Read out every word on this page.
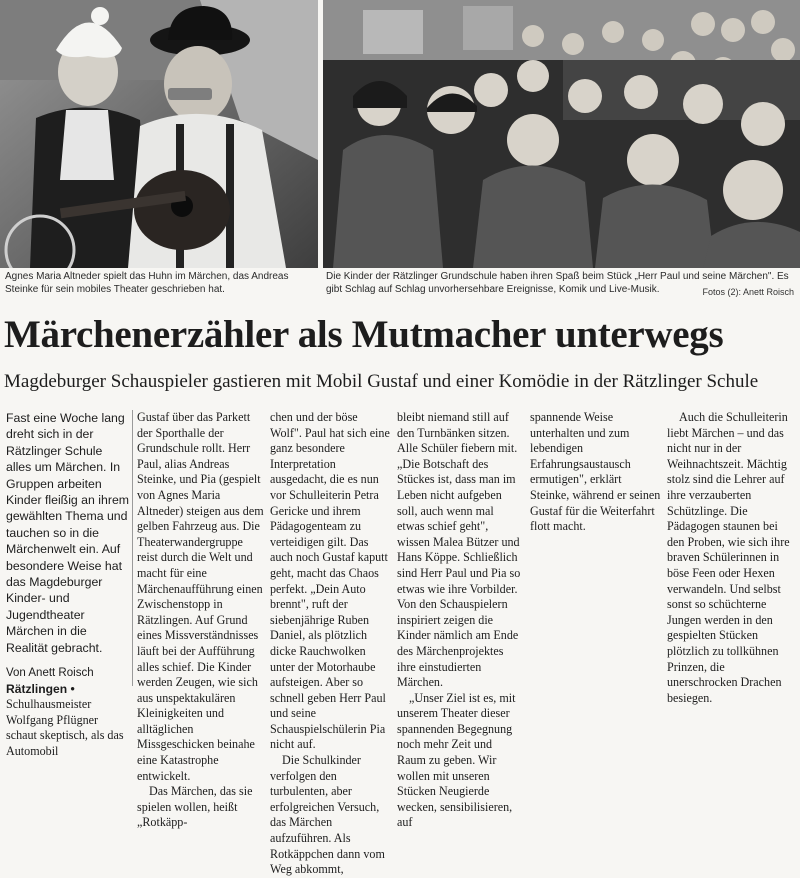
Agnes Maria Altneder spielt das Huhn im Märchen, das Andreas Steinke für sein mobiles Theater geschrieben hat.
Die Kinder der Rätzlinger Grundschule haben ihren Spaß beim Stück „Herr Paul und seine Märchen". Es gibt Schlag auf Schlag unvorhersehbare Ereignisse, Komik und Live-Musik.	Fotos (2): Anett Roisch
Märchenerzähler als Mutmacher unterwegs
Magdeburger Schauspieler gastieren mit Mobil Gustaf und einer Komödie in der Rätzlinger Schule

Fast eine Woche lang dreht sich in der Rätzlinger Schule alles um Märchen. In Gruppen arbeiten Kinder fleißig an ihrem gewählten Thema und tauchen so in die Märchenwelt ein. Auf besondere Weise hat das Magdeburger Kinder- und Jugendtheater Märchen in die Realität gebracht.

Von Anett Roisch

Rätzlingen • Schulhausmeister Wolfgang Pflügner schaut skeptisch, als das Automobil

Gustaf über das Parkett der Sporthalle der Grundschule rollt. Herr Paul, alias Andreas Steinke, und Pia (gespielt von Agnes Maria Altneder) steigen aus dem gelben Fahrzeug aus. Die Theaterwandergruppe reist durch die Welt und macht für eine Märchenaufführung einen Zwischenstopp in Rätzlingen. Auf Grund eines Missverständnisses läuft bei der Aufführung alles schief. Die Kinder werden Zeugen, wie sich aus unspektakulären Kleinigkeiten und alltäglichen Missgeschicken beinahe eine Katastrophe entwickelt.

Das Märchen, das sie spielen wollen, heißt „Rotkäpp-

chen und der böse Wolf". Paul hat sich eine ganz besondere Interpretation ausgedacht, die es nun vor Schulleiterin Petra Gericke und ihrem Pädagogenteam zu verteidigen gilt. Das auch noch Gustaf kaputt geht, macht das Chaos perfekt. „Dein Auto brennt", ruft der siebenjährige Ruben Daniel, als plötzlich dicke Rauchwolken unter der Motorhaube aufsteigen. Aber so schnell geben Herr Paul und seine Schauspielschülerin Pia nicht auf.

Die Schulkinder verfolgen den turbulenten, aber erfolgreichen Versuch, das Märchen aufzuführen. Als Rotkäppchen dann vom Weg abkommt,

bleibt niemand still auf den Turnbänken sitzen. Alle Schüler fiebern mit. „Die Botschaft des Stückes ist, dass man im Leben nicht aufgeben soll, auch wenn mal etwas schief geht", wissen Malea Bützer und Hans Köppe. Schließlich sind Herr Paul und Pia so etwas wie ihre Vorbilder. Von den Schauspielern inspiriert zeigen die Kinder nämlich am Ende des Märchenprojektes ihre einstudierten Märchen.

„Unser Ziel ist es, mit unserem Theater dieser spannenden Begegnung noch mehr Zeit und Raum zu geben. Wir wollen mit unseren Stücken Neugierde wecken, sensibilisieren, auf

spannende Weise unterhalten und zum lebendigen Erfahrungsaustausch ermutigen", erklärt Steinke, während er seinen Gustaf für die Weiterfahrt flott macht.

Auch die Schulleiterin liebt Märchen – und das nicht nur in der Weihnachtszeit. Mächtig stolz sind die Lehrer auf ihre verzauberten Schützlinge. Die Pädagogen staunen bei den Proben, wie sich ihre braven Schülerinnen in böse Feen oder Hexen verwandeln. Und selbst sonst so schüchterne Jungen werden in den gespielten Stücken plötzlich zu tollkühnen Prinzen, die unerschrocken Drachen besiegen.
